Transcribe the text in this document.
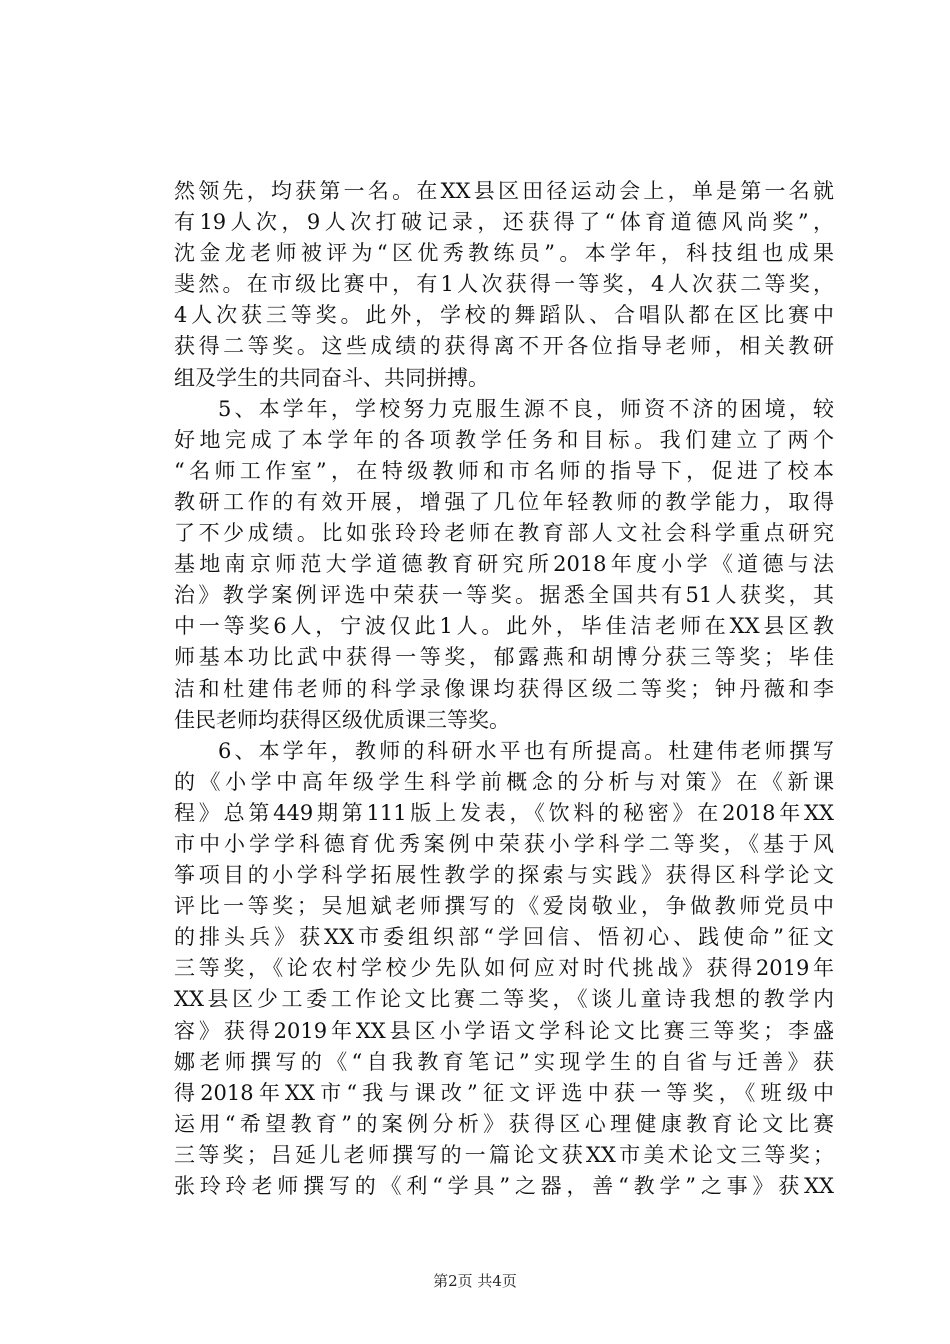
然领先，均获第一名。在XX县区田径运动会上，单是第一名就
有19人次，9人次打破记录，还获得了“体育道德风尚奖”，
沈金龙老师被评为“区优秀教练员”。本学年，科技组也成果
斐然。在市级比赛中，有1人次获得一等奖，4人次获二等奖，
4人次获三等奖。此外，学校的舞蹈队、合唱队都在区比赛中
获得二等奖。这些成绩的获得离不开各位指导老师，相关教研
组及学生的共同奋斗、共同拼搏。
5、本学年，学校努力克服生源不良，师资不济的困境，较
好地完成了本学年的各项教学任务和目标。我们建立了两个
“名师工作室”，在特级教师和市名师的指导下，促进了校本
教研工作的有效开展，增强了几位年轻教师的教学能力，取得
了不少成绩。比如张玲玲老师在教育部人文社会科学重点研究
基地南京师范大学道德教育研究所2018年度小学《道德与法
治》教学案例评选中荣获一等奖。据悉全国共有51人获奖，其
中一等奖6人，宁波仅此1人。此外，毕佳洁老师在XX县区教
师基本功比武中获得一等奖，郁露燕和胡博分获三等奖；毕佳
洁和杜建伟老师的科学录像课均获得区级二等奖；钟丹薇和李
佳民老师均获得区级优质课三等奖。
6、本学年，教师的科研水平也有所提高。杜建伟老师撰写
的《小学中高年级学生科学前概念的分析与对策》在《新课
程》总第449期第111版上发表，《饮料的秘密》在2018年XX
市中小学学科德育优秀案例中荣获小学科学二等奖，《基于风
筝项目的小学科学拓展性教学的探索与实践》获得区科学论文
评比一等奖；吴旭斌老师撰写的《爱岗敬业，争做教师党员中
的排头兵》获XX市委组织部“学回信、悟初心、践使命”征文
三等奖，《论农村学校少先队如何应对时代挑战》获得2019年
XX县区少工委工作论文比赛二等奖，《谈儿童诗我想的教学内
容》获得2019年XX县区小学语文学科论文比赛三等奖；李盛
娜老师撰写的《“自我教育笔记”实现学生的自省与迁善》获
得2018年XX市“我与课改”征文评选中获一等奖，《班级中
运用“希望教育”的案例分析》获得区心理健康教育论文比赛
三等奖；吕延儿老师撰写的一篇论文获XX市美术论文三等奖；
张玲玲老师撰写的《利“学具”之器，善“教学”之事》获XX
第2页 共4页
